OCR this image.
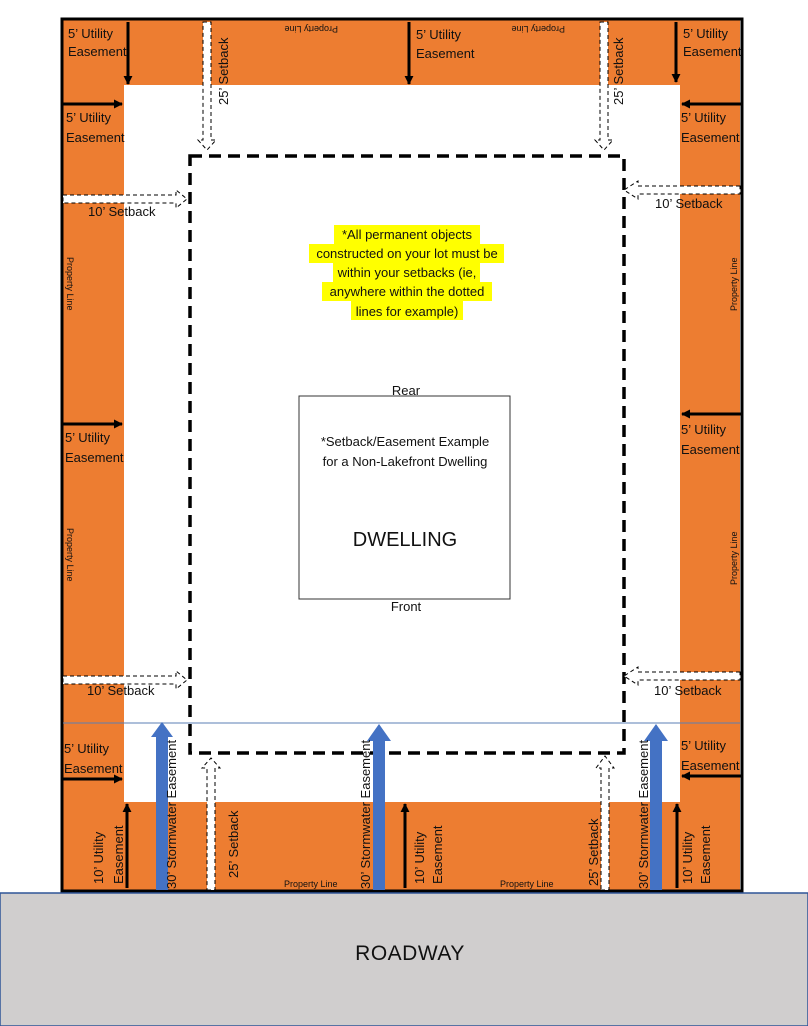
5’ Utility
Easement
5’ Utility
Easement
5’ Utility
Easement
5’ Utility
Easement
5’ Utility
Easement
5’ Utility
Easement
5’ Utility
Easement
5’ Utility
Easement
5’ Utility
Easement
10’ Setback
10’ Setback
10’ Setback	10’ Setback
25’ Setback	25’ Setback
25’ Setback	25’ Setback
30’ Stormwater Easement	30’ Stormwater Easement	30’ Stormwater Easement
10’ Utility Easement	10’ Utility Easement	10’ Utility Easement
Property Line	Property Line
Property Line
Property Line
Property Line
Property Line
Property Line	Property Line
*All permanent objects
constructed on your lot must be
within your setbacks (ie,
anywhere within the dotted
lines for example)
Rear
*Setback/Easement Example
for a Non-Lakefront Dwelling
DWELLING
Front
ROADWAY
